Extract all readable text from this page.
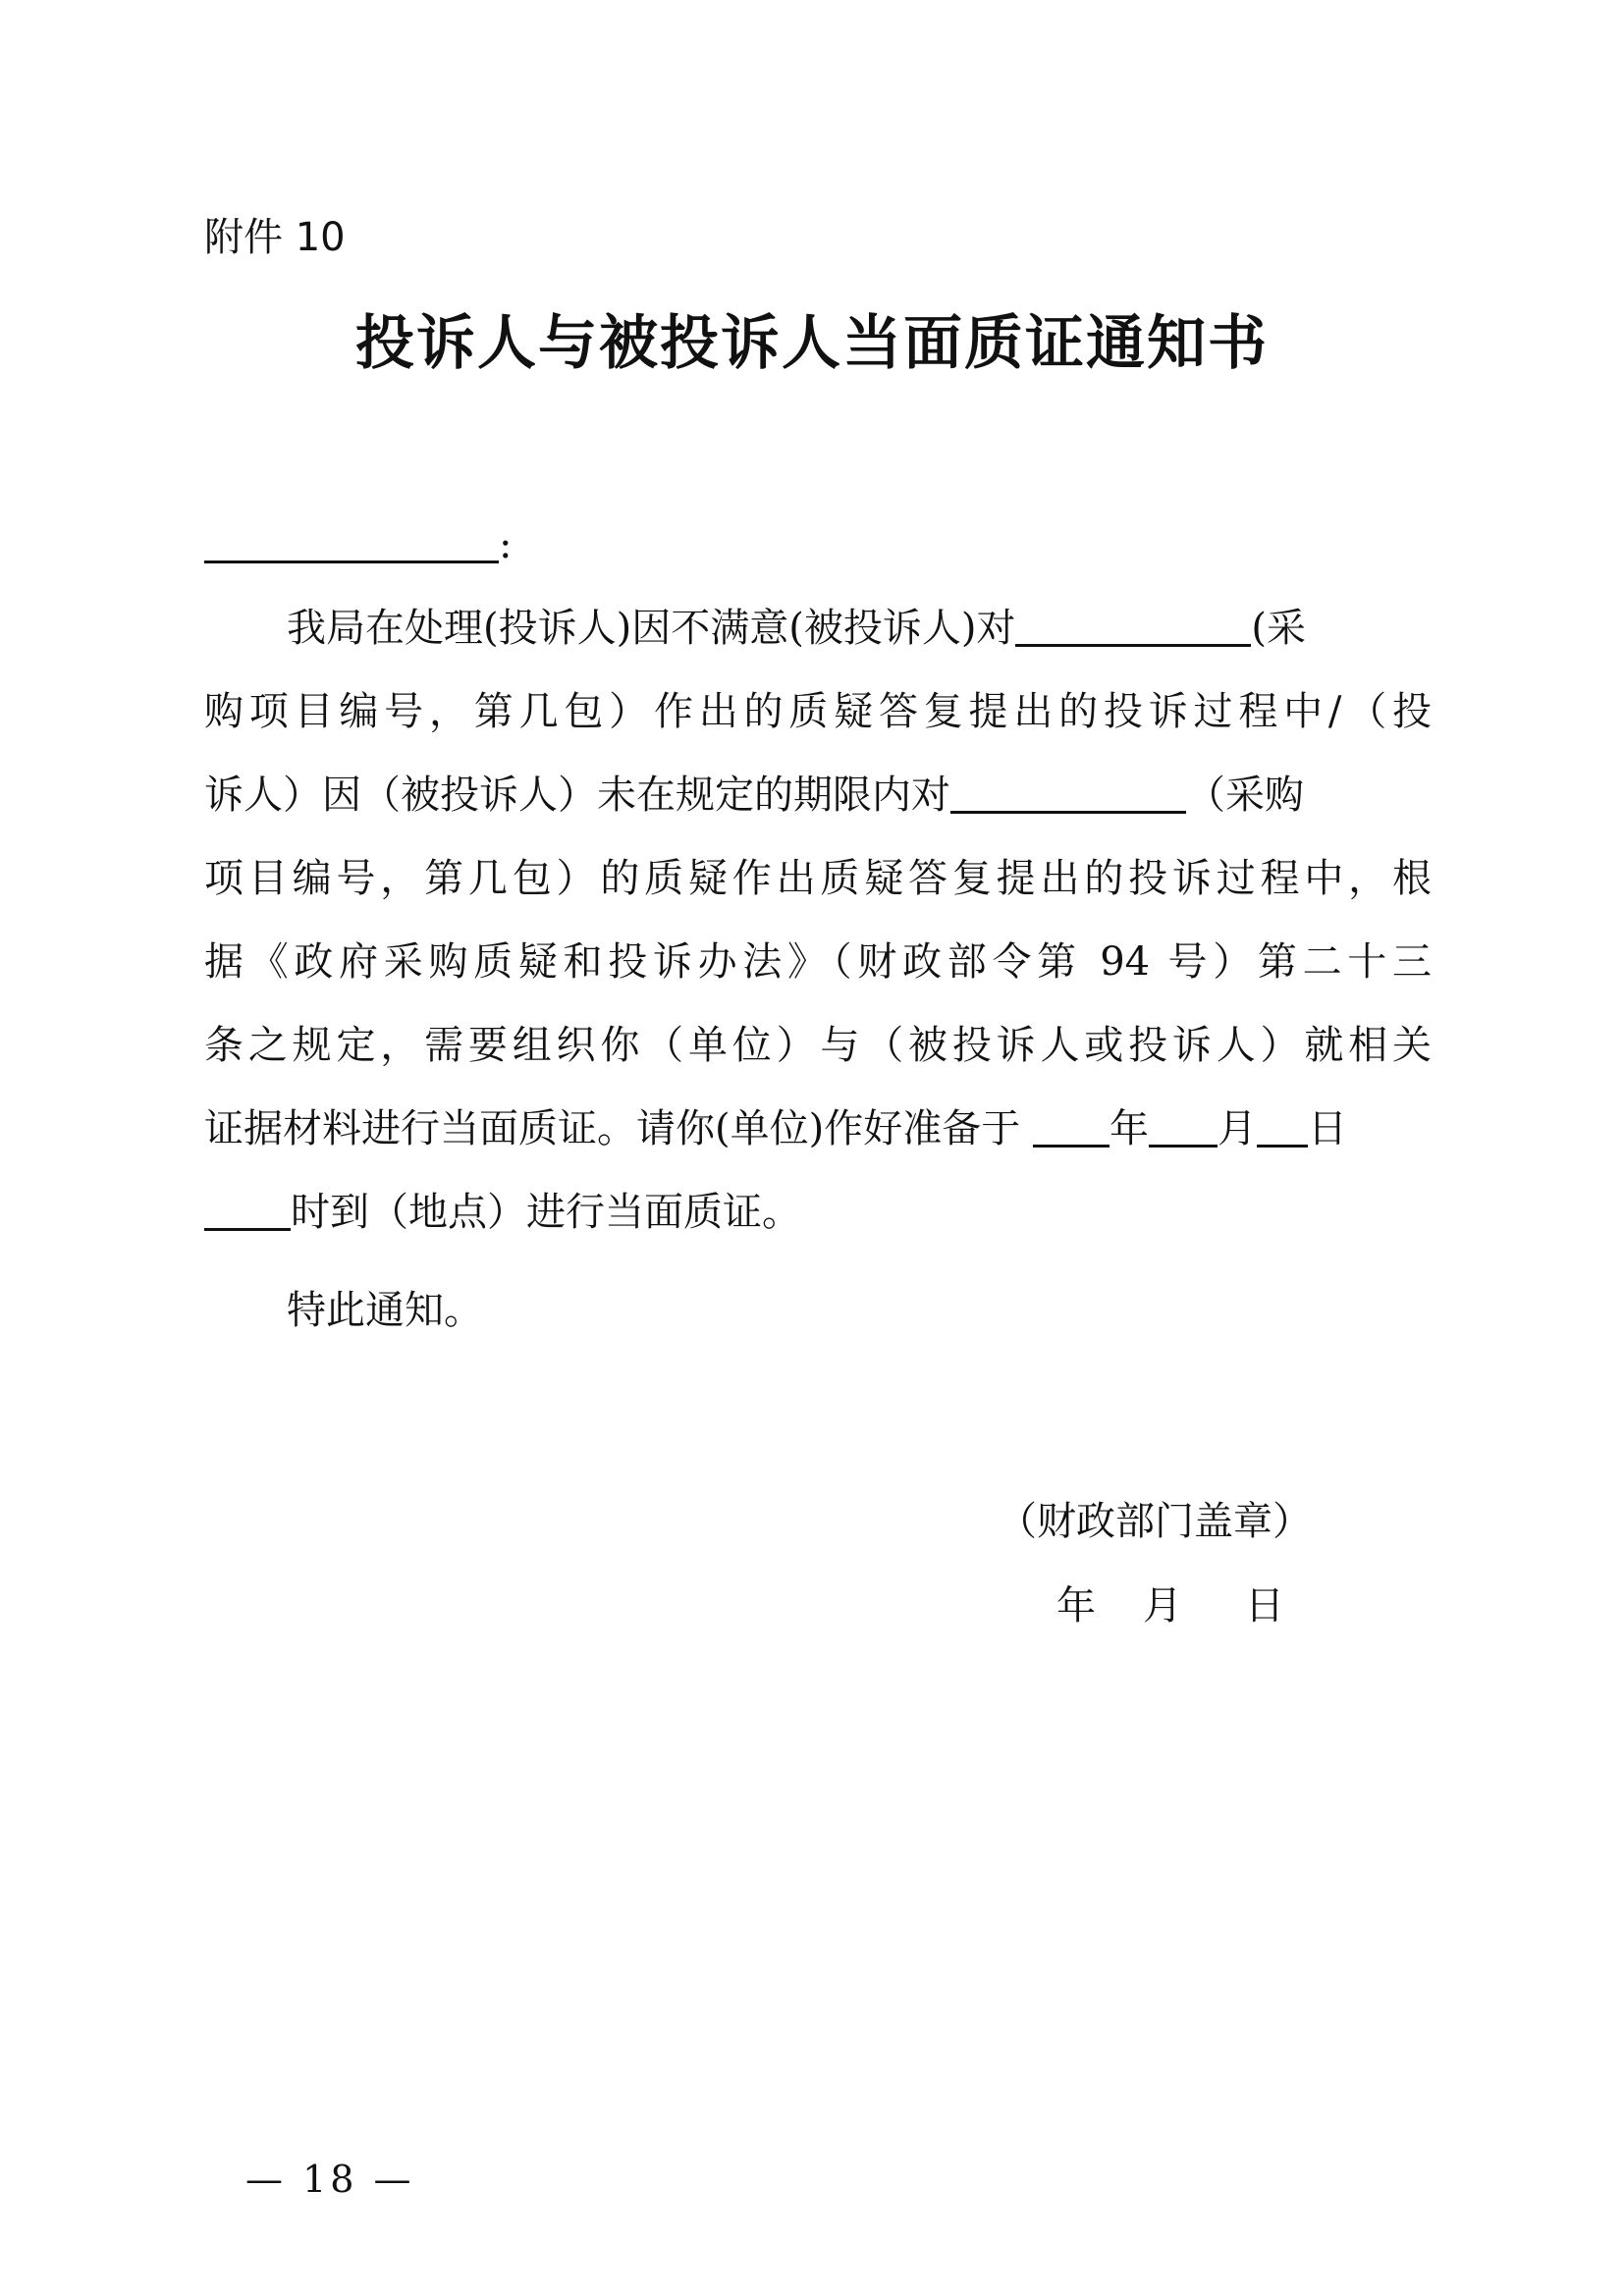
附件 10
投诉人与被投诉人当面质证通知书
:
我局在处理(投诉人)因不满意(被投诉人)对	(采
购项目编号，第几包）作出的质疑答复提出的投诉过程中/（投
诉人）因（被投诉人）未在规定的期限内对	（采购
项目编号，第几包）的质疑作出质疑答复提出的投诉过程中，根
据《政府采购质疑和投诉办法》（财政部令第 94 号）第二十三
条之规定，需要组织你（单位）与（被投诉人或投诉人）就相关
证据材料进行当面质证。请你(单位)作好准备于 年 月 日
时到（地点）进行当面质证。
特此通知。
（财政部门盖章）
年 月 日
— 18 —
